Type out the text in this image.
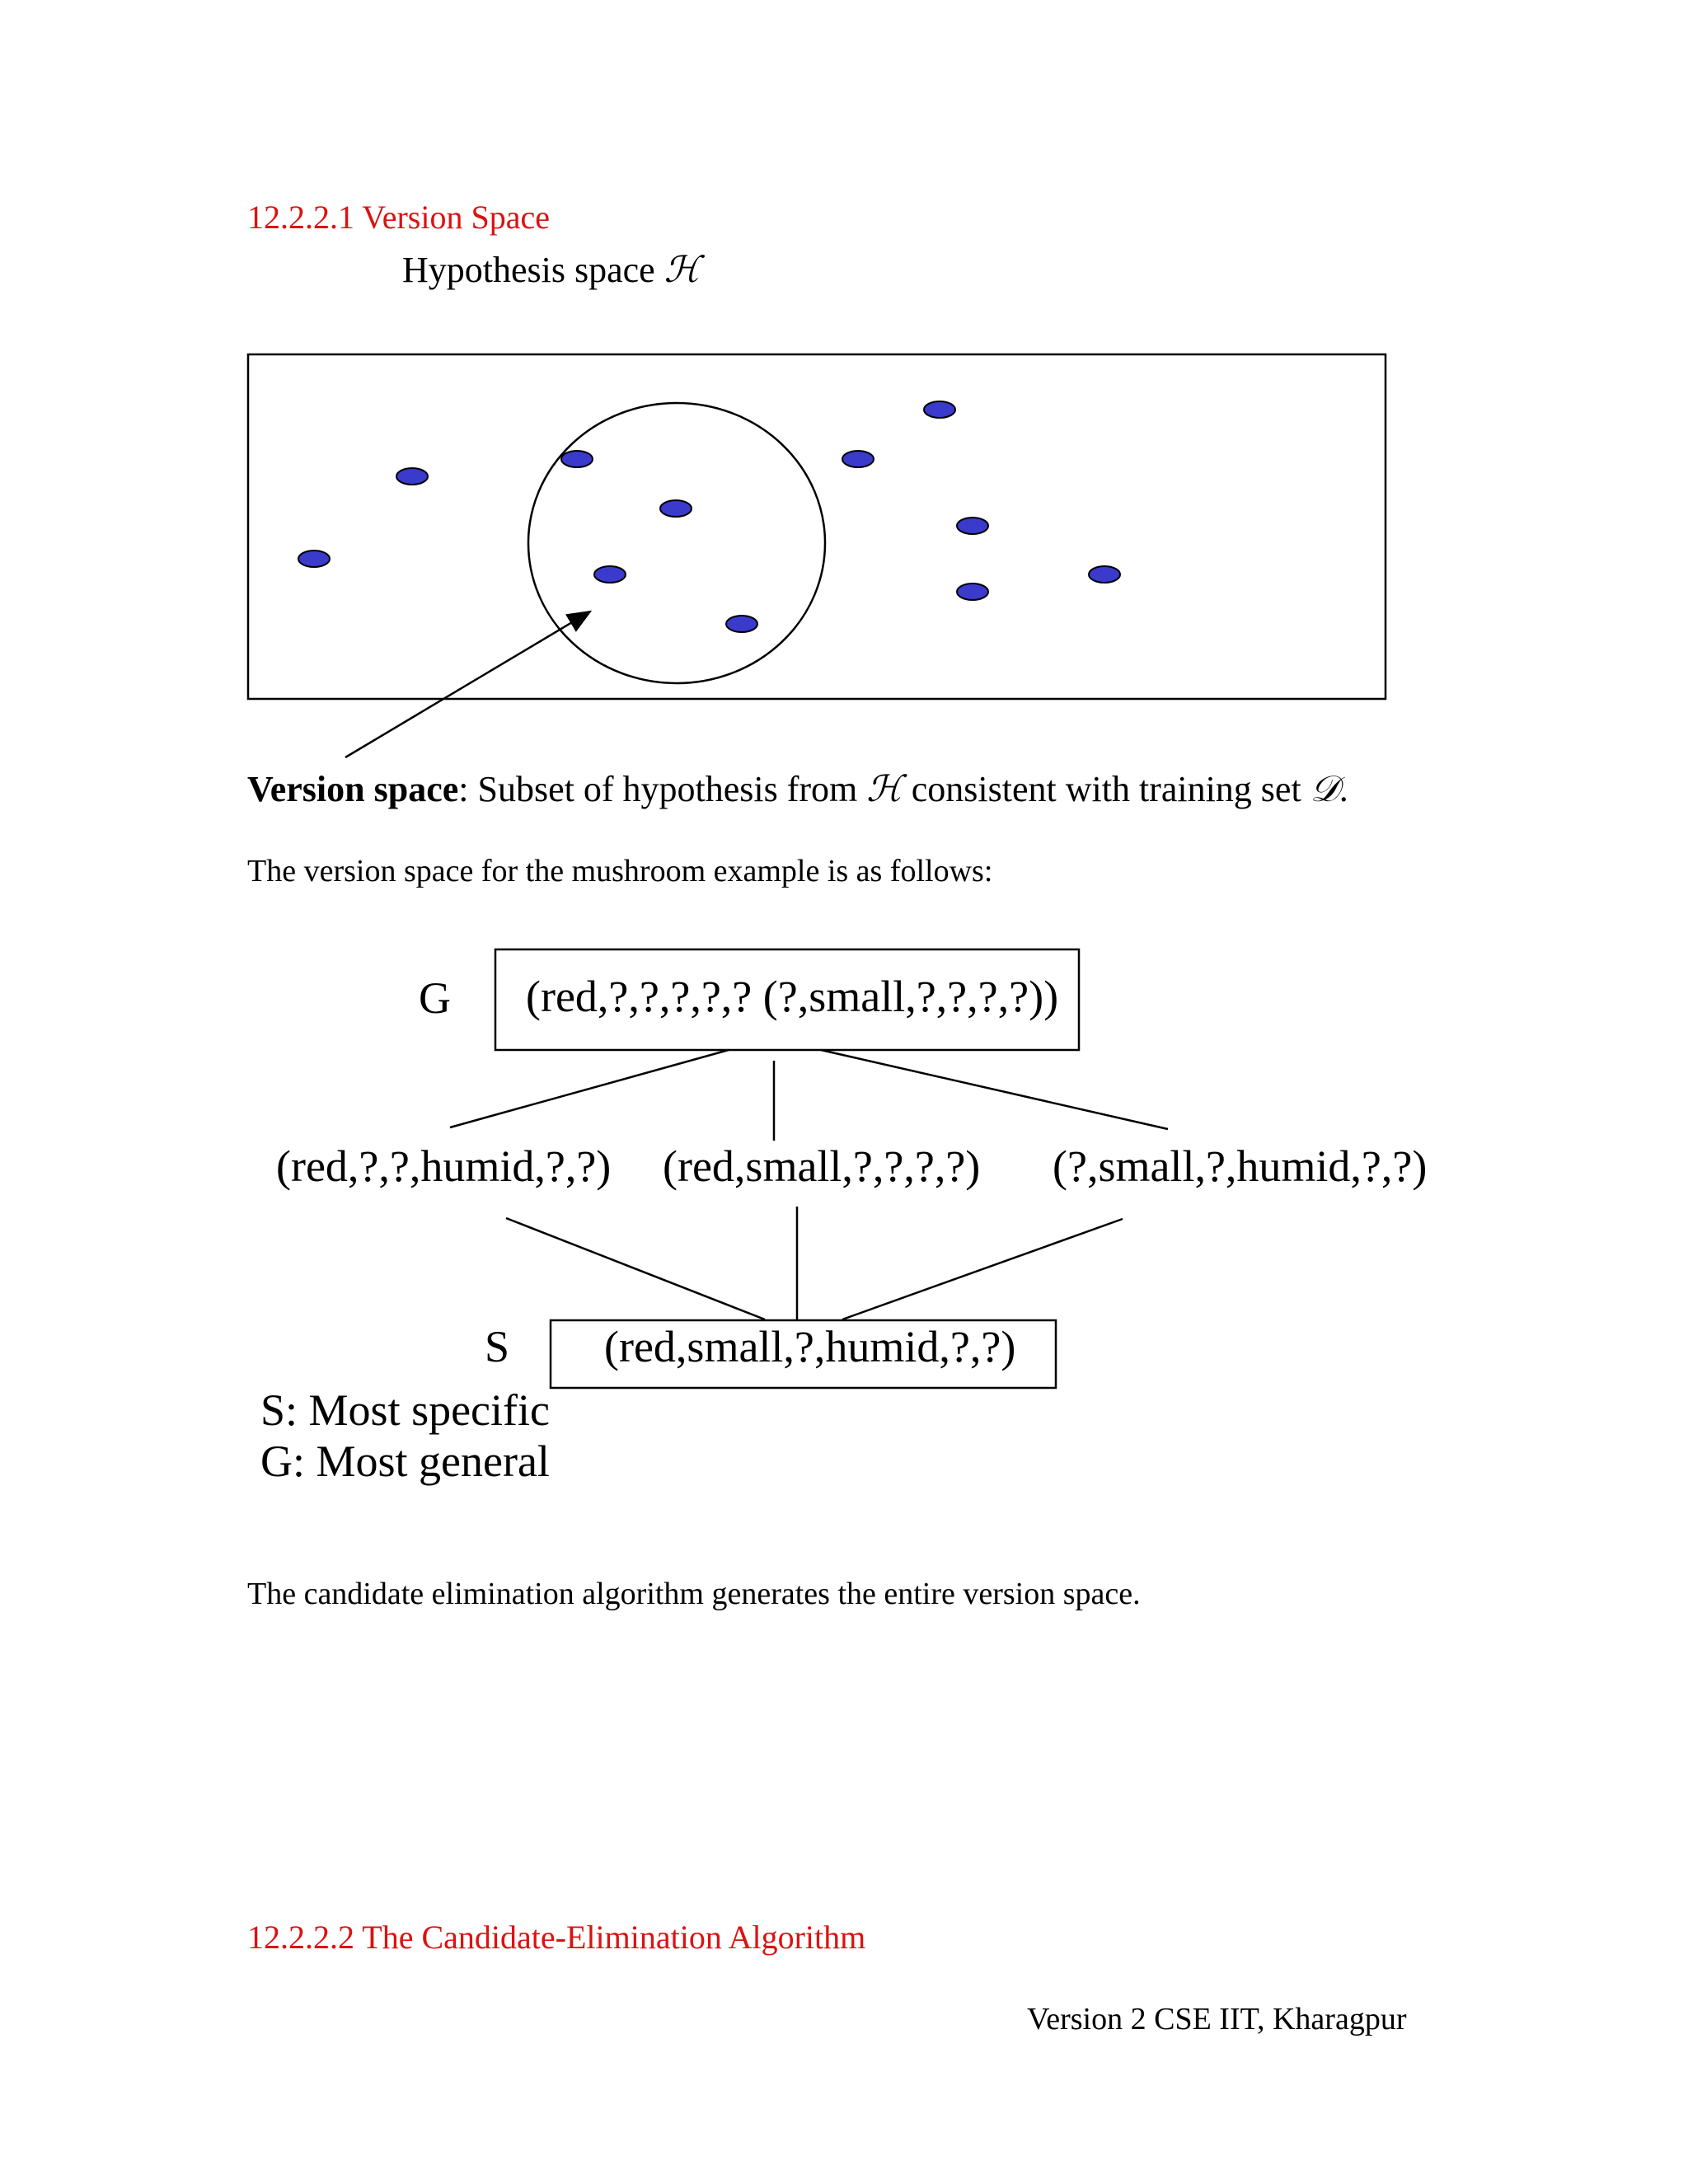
12.2.2.1 Version Space
Hypothesis space ℋ
Version space: Subset of hypothesis from ℋ consistent with training set 𝒟.
The version space for the mushroom example is as follows:
G (red,?,?,?,?,? (?,small,?,?,?,?))
(red,?,?,humid,?,?) (red,small,?,?,?,?) (?,small,?,humid,?,?)
S (red,small,?,humid,?,?)
S: Most specific
G: Most general
The candidate elimination algorithm generates the entire version space.
12.2.2.2 The Candidate-Elimination Algorithm
Version 2 CSE IIT, Kharagpur
